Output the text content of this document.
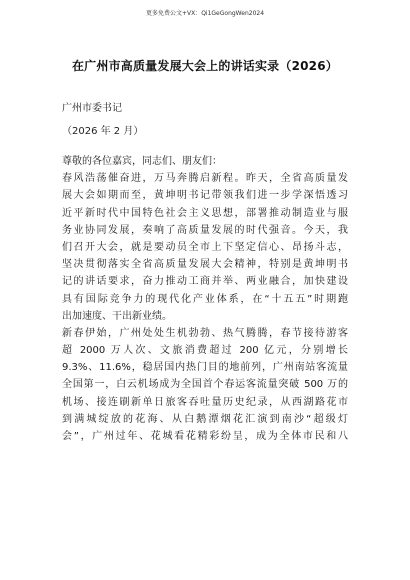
更多免费公文+VX：Qi1GeGongWen2024
在广州市高质量发展大会上的讲话实录（2026）
广州市委书记
（2026 年 2 月）
尊敬的各位嘉宾，同志们、朋友们：
春风浩荡催奋进，万马奔腾启新程。昨天，全省高质量发
展大会如期而至，黄坤明书记带领我们进一步学深悟透习
近平新时代中国特色社会主义思想，部署推动制造业与服
务业协同发展，奏响了高质量发展的时代强音。今天，我
们召开大会，就是要动员全市上下坚定信心、昂扬斗志，
坚决贯彻落实全省高质量发展大会精神，特别是黄坤明书
记的讲话要求，奋力推动工商并举、两业融合，加快建设
具有国际竞争力的现代化产业体系，在“十五五”时期跑
出加速度、干出新业绩。
新春伊始，广州处处生机勃勃、热气腾腾，春节接待游客
超 2000 万人次、文旅消费超过 200 亿元，分别增长
9.3%、11.6%，稳居国内热门目的地前列，广州南站客流量
全国第一，白云机场成为全国首个春运客流量突破 500 万的
机场、接连刷新单日旅客吞吐量历史纪录，从西湖路花市
到满城绽放的花海、从白鹅潭烟花汇演到南沙“超级灯
会”，广州过年、花城看花精彩纷呈，成为全体市民和八
